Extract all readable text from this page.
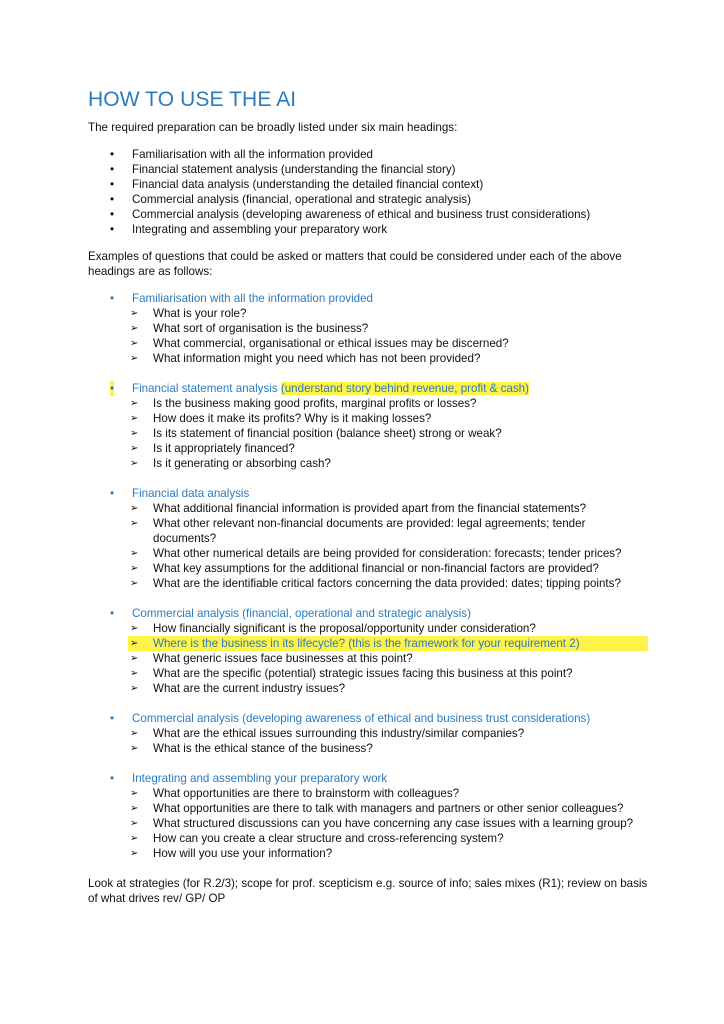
HOW TO USE THE AI

The required preparation can be broadly listed under six main headings:

• Familiarisation with all the information provided
• Financial statement analysis (understanding the financial story)
• Financial data analysis (understanding the detailed financial context)
• Commercial analysis (financial, operational and strategic analysis)
• Commercial analysis (developing awareness of ethical and business trust considerations)
• Integrating and assembling your preparatory work

Examples of questions that could be asked or matters that could be considered under each of the above headings are as follows:

• Familiarisation with all the information provided
➢ What is your role?
➢ What sort of organisation is the business?
➢ What commercial, organisational or ethical issues may be discerned?
➢ What information might you need which has not been provided?
• Financial statement analysis (understand story behind revenue, profit & cash)
➢ Is the business making good profits, marginal profits or losses?
➢ How does it make its profits? Why is it making losses?
➢ Is its statement of financial position (balance sheet) strong or weak?
➢ Is it appropriately financed?
➢ Is it generating or absorbing cash?
• Financial data analysis
➢ What additional financial information is provided apart from the financial statements?
➢ What other relevant non-financial documents are provided: legal agreements; tender documents?
➢ What other numerical details are being provided for consideration: forecasts; tender prices?
➢ What key assumptions for the additional financial or non-financial factors are provided?
➢ What are the identifiable critical factors concerning the data provided: dates; tipping points?
• Commercial analysis (financial, operational and strategic analysis)
➢ How financially significant is the proposal/opportunity under consideration?
➢ Where is the business in its lifecycle? (this is the framework for your requirement 2)
➢ What generic issues face businesses at this point?
➢ What are the specific (potential) strategic issues facing this business at this point?
➢ What are the current industry issues?
• Commercial analysis (developing awareness of ethical and business trust considerations)
➢ What are the ethical issues surrounding this industry/similar companies?
➢ What is the ethical stance of the business?
• Integrating and assembling your preparatory work
➢ What opportunities are there to brainstorm with colleagues?
➢ What opportunities are there to talk with managers and partners or other senior colleagues?
➢ What structured discussions can you have concerning any case issues with a learning group?
➢ How can you create a clear structure and cross-referencing system?
➢ How will you use your information?

Look at strategies (for R.2/3); scope for prof. scepticism e.g. source of info; sales mixes (R1); review on basis of what drives rev/ GP/ OP
